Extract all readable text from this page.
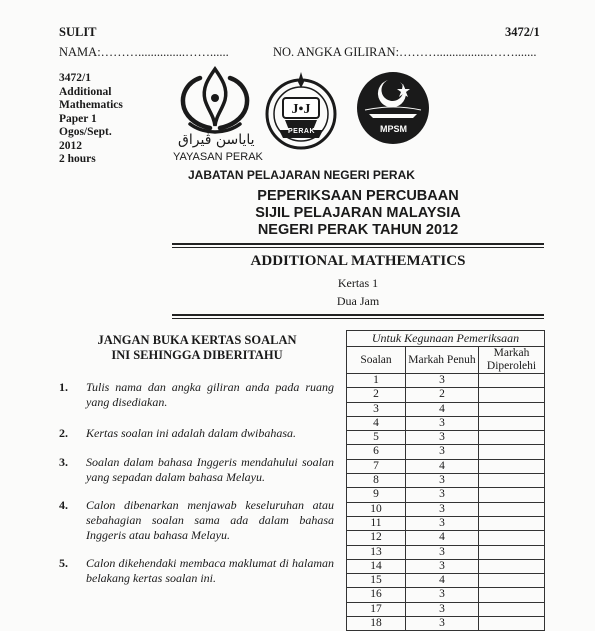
SULIT	3472/1
NAMA:………...............……......	NO. ANGKA GILIRAN:……….................…….......
3472/1
Additional
Mathematics
Paper 1
Ogos/Sept.
2012
2 hours
ياياسن ڤيراق
YAYASAN PERAK
J•J
PERAK	MPSM
JABATAN PELAJARAN NEGERI PERAK
PEPERIKSAAN PERCUBAAN
SIJIL PELAJARAN MALAYSIA
NEGERI PERAK TAHUN 2012
ADDITIONAL MATHEMATICS
Kertas 1
Dua Jam
JANGAN BUKA KERTAS SOALAN
INI SEHINGGA DIBERITAHU
1. Tulis nama dan angka giliran anda pada ruang yang disediakan.
2. Kertas soalan ini adalah dalam dwibahasa.
3. Soalan dalam bahasa Inggeris mendahului soalan yang sepadan dalam bahasa Melayu.
4. Calon dibenarkan menjawab keseluruhan atau sebahagian soalan sama ada dalam bahasa Inggeris atau bahasa Melayu.
5. Calon dikehendaki membaca maklumat di halaman belakang kertas soalan ini.
Untuk Kegunaan Pemeriksaan		
Soalan	Markah Penuh	Markah Diperolehi
1	3	
2	2	
3	4	
4	3	
5	3	
6	3	
7	4	
8	3	
9	3	
10	3	
11	3	
12	4	
13	3	
14	3	
15	4	
16	3	
17	3	
18	3	
